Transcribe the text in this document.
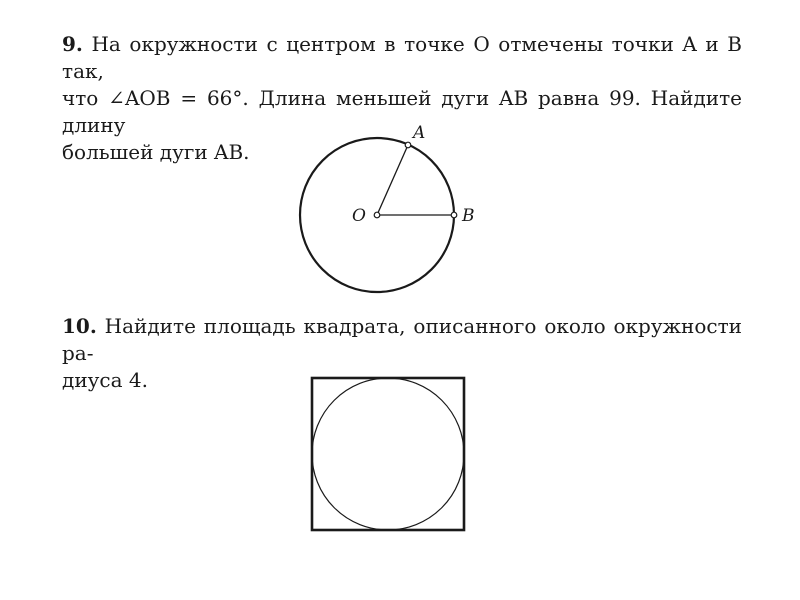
9. На окружности с центром в точке O отмечены точки A и B так,
что ∠AOB = 66°. Длина меньшей дуги AB равна 99. Найдите длину
большей дуги AB.
A
O	B
10. Найдите площадь квадрата, описанного около окружности ра-
диуса 4.
